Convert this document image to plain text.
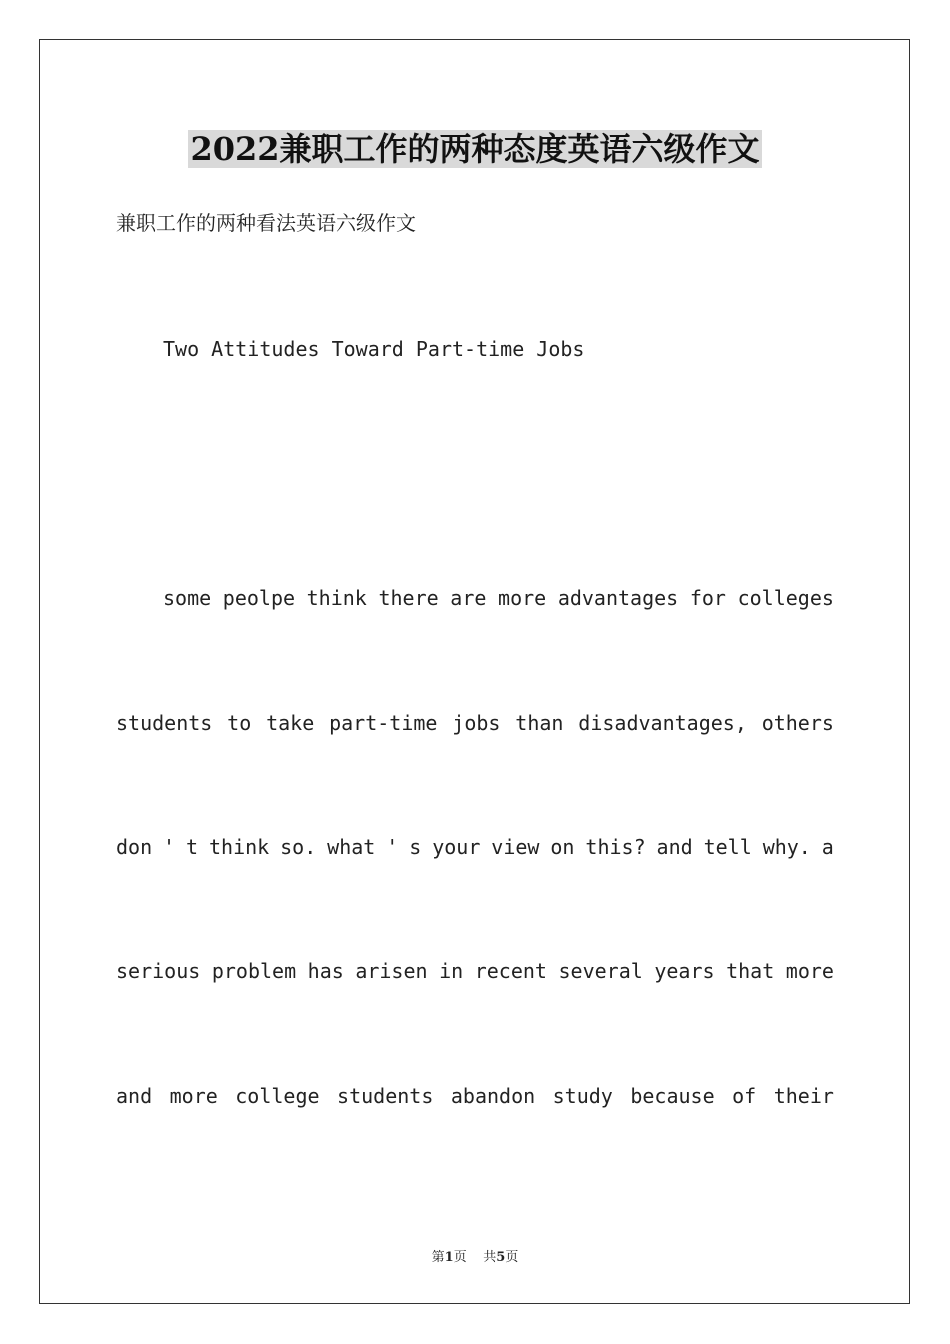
2022兼职工作的两种态度英语六级作文
兼职工作的两种看法英语六级作文
Two Attitudes Toward Part-time Jobs
some peolpe think there are more advantages for colleges
students to take part-time jobs than disadvantages, others
don ' t think so. what ' s your view on this? and tell why. a
serious problem has arisen in recent several years that more
and more college students abandon study because of their
第1页 共5页
